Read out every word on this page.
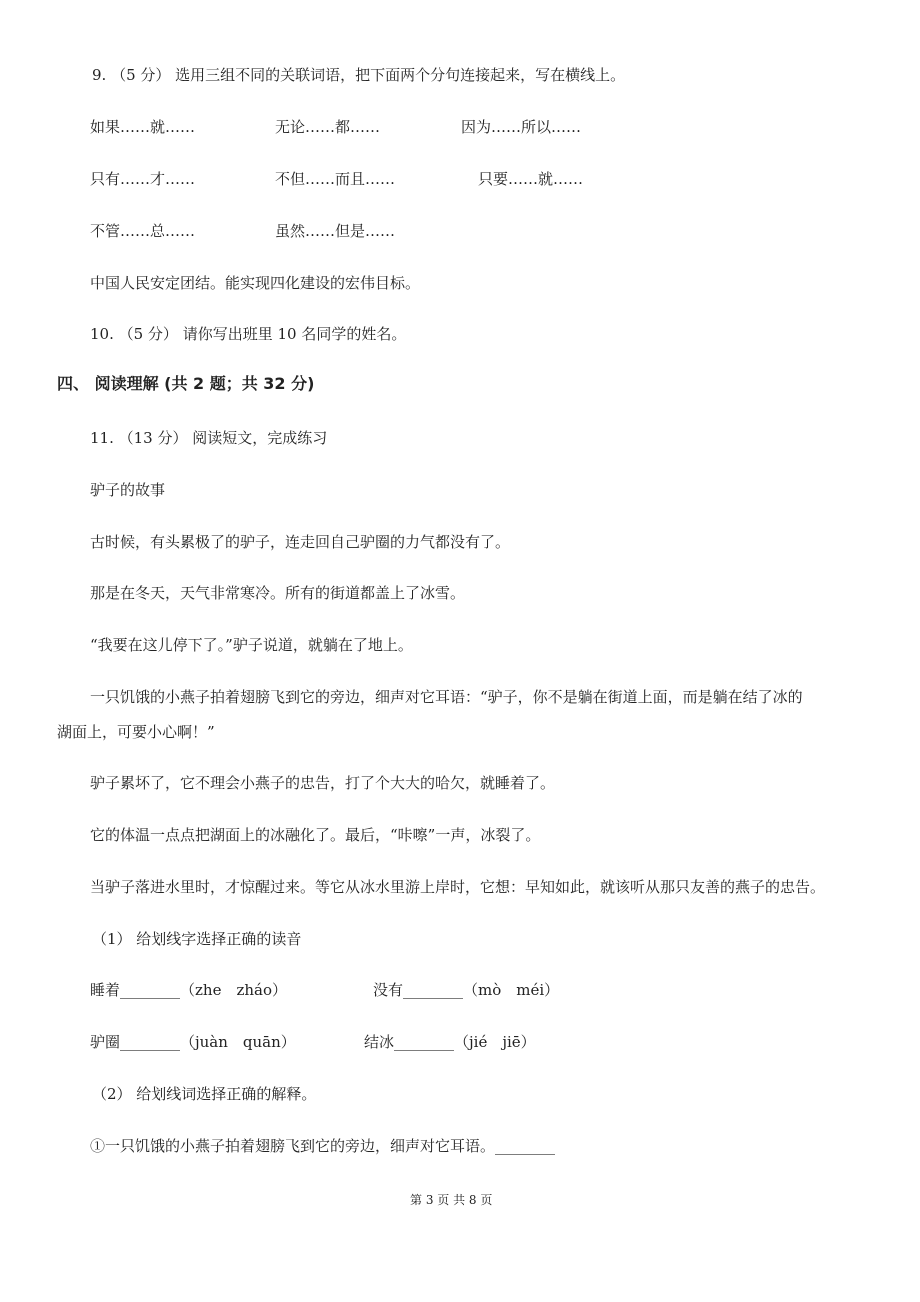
9. （5 分） 选用三组不同的关联词语，把下面两个分句连接起来，写在横线上。
如果……就……	无论……都……	因为……所以……
只有……才……	不但……而且……	只要……就……
不管……总……	虽然……但是……
中国人民安定团结。能实现四化建设的宏伟目标。
10. （5 分） 请你写出班里 10 名同学的姓名。
四、 阅读理解 (共 2 题；共 32 分)
11. （13 分） 阅读短文，完成练习
驴子的故事
古时候，有头累极了的驴子，连走回自己驴圈的力气都没有了。
那是在冬天，天气非常寒冷。所有的街道都盖上了冰雪。
“我要在这儿停下了。”驴子说道，就躺在了地上。
一只饥饿的小燕子拍着翅膀飞到它的旁边，细声对它耳语：“驴子，你不是躺在街道上面，而是躺在结了冰的
湖面上，可要小心啊！”
驴子累坏了，它不理会小燕子的忠告，打了个大大的哈欠，就睡着了。
它的体温一点点把湖面上的冰融化了。最后，“咔嚓”一声，冰裂了。
当驴子落进水里时，才惊醒过来。等它从冰水里游上岸时，它想：早知如此，就该听从那只友善的燕子的忠告。
（1） 给划线字选择正确的读音
睡着________（zhe　zháo）	没有________（mò　méi）
驴圈________（juàn　quān）	结冰________（jié　jiē）
（2） 给划线词选择正确的解释。
①一只饥饿的小燕子拍着翅膀飞到它的旁边，细声对它耳语。________
第 3 页 共 8 页
